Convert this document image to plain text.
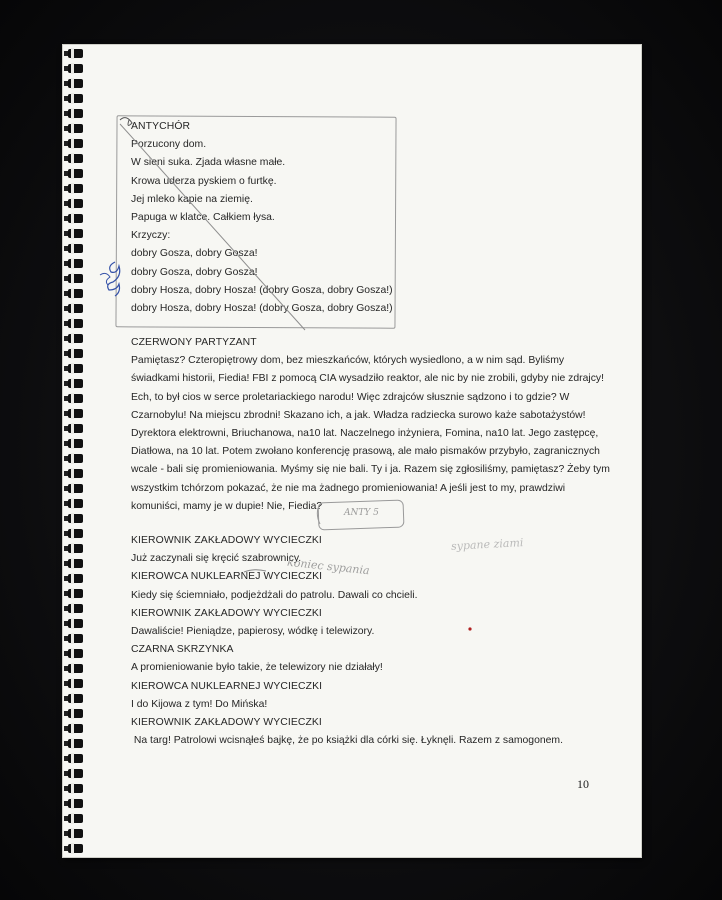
ANTYCHÓR
Porzucony dom.
W sieni suka. Zjada własne małe.
Krowa uderza pyskiem o furtkę.
Jej mleko kapie na ziemię.
Papuga w klatce. Całkiem łysa.
Krzyczy:
dobry Gosza, dobry Gosza!
dobry Gosza, dobry Gosza!
dobry Hosza, dobry Hosza! (dobry Gosza, dobry Gosza!)
dobry Hosza, dobry Hosza! (dobry Gosza, dobry Gosza!)
CZERWONY PARTYZANT
Pamiętasz? Czteropiętrowy dom, bez mieszkańców, których wysiedlono, a w nim sąd. Byliśmy
świadkami historii, Fiedia! FBI z pomocą CIA wysadziło reaktor, ale nic by nie zrobili, gdyby nie zdrajcy!
Ech, to był cios w serce proletariackiego narodu! Więc zdrajców słusznie sądzono i to gdzie? W
Czarnobylu! Na miejscu zbrodni! Skazano ich, a jak. Władza radziecka surowo każe sabotażystów!
Dyrektora elektrowni, Briuchanowa, na10 lat. Naczelnego inżyniera, Fomina, na10 lat. Jego zastępcę,
Diatłowa, na 10 lat. Potem zwołano konferencję prasową, ale mało pismaków przybyło, zagranicznych
wcale - bali się promieniowania. Myśmy się nie bali. Ty i ja. Razem się zgłosiliśmy, pamiętasz? Żeby tym
wszystkim tchórzom pokazać, że nie ma żadnego promieniowania! A jeśli jest to my, prawdziwi
komuniści, mamy je w dupie! Nie, Fiedia?
KIEROWNIK ZAKŁADOWY WYCIECZKI
Już zaczynali się kręcić szabrownicy.
KIEROWCA NUKLEARNEJ WYCIECZKI
Kiedy się ściemniało, podjeżdżali do patrolu. Dawali co chcieli.
KIEROWNIK ZAKŁADOWY WYCIECZKI
Dawaliście! Pieniądze, papierosy, wódkę i telewizory.
CZARNA SKRZYNKA
A promieniowanie było takie, że telewizory nie działały!
KIEROWCA NUKLEARNEJ WYCIECZKI
I do Kijowa z tym! Do Mińska!
KIEROWNIK ZAKŁADOWY WYCIECZKI
Na targ! Patrolowi wcisnąłeś bajkę, że po książki dla córki się. Łyknęli. Razem z samogonem.
ANTY 5
sypane ziami
koniec sypania
10
